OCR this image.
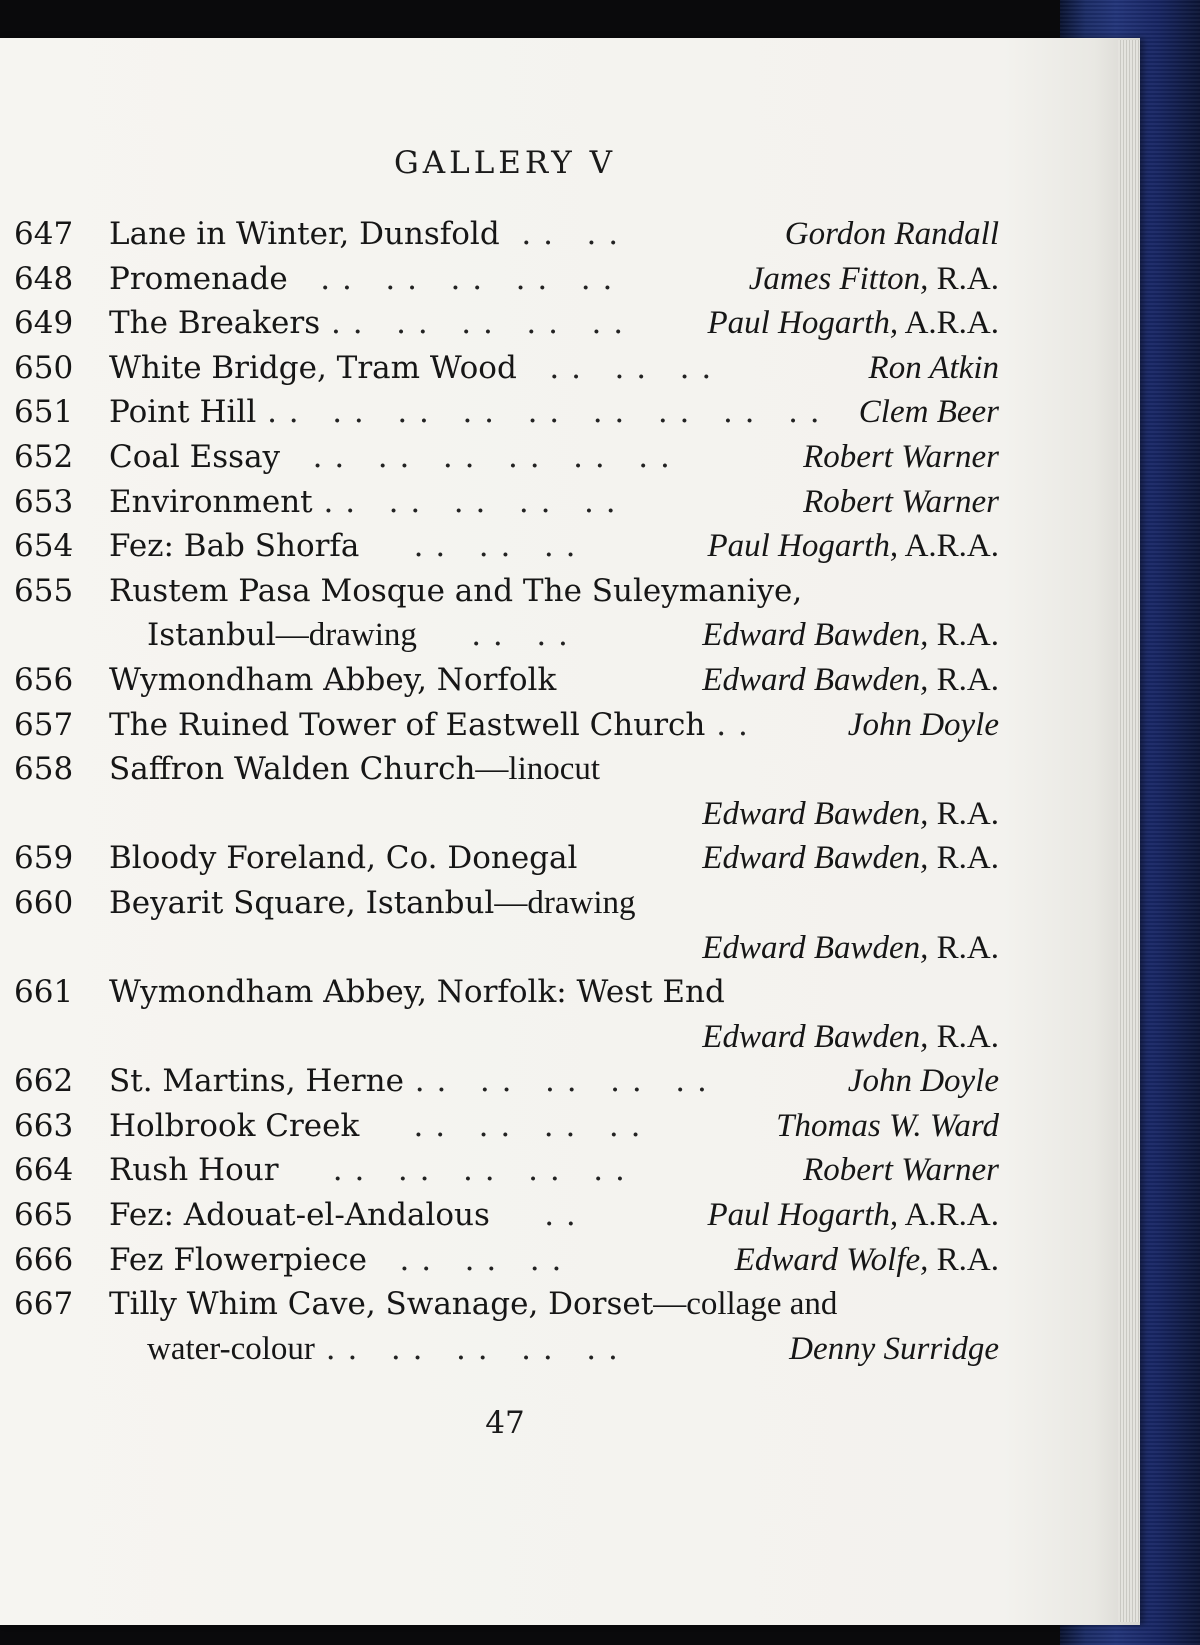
GALLERY V
647 Lane in Winter, Dunsfold  . .   . .	Gordon Randall
648 Promenade   . .   . .   . .   . .   . .	James Fitton, R.A.
649 The Breakers . .   . .   . .   . .   . .	Paul Hogarth, A.R.A.
650 White Bridge, Tram Wood   . .   . .   . .	Ron Atkin
651 Point Hill . .   . .   . .   . .   . .   . .   . .   . .   . . Clem Beer
652 Coal Essay   . .   . .   . .   . .   . .   . .	Robert Warner
653 Environment . .   . .   . .   . .   . .	Robert Warner
654 Fez: Bab Shorfa     . .   . .   . .	Paul Hogarth, A.R.A.
655 Rustem Pasa Mosque and The Suleymaniye,
Istanbul—drawing     . .   . .	Edward Bawden, R.A.
656 Wymondham Abbey, Norfolk	Edward Bawden, R.A.
657 The Ruined Tower of Eastwell Church . .	John Doyle
658 Saffron Walden Church—linocut
Edward Bawden, R.A.
659 Bloody Foreland, Co. Donegal	Edward Bawden, R.A.
660 Beyarit Square, Istanbul—drawing
Edward Bawden, R.A.
661 Wymondham Abbey, Norfolk: West End
Edward Bawden, R.A.
662 St. Martins, Herne . .   . .   . .   . .   . .	John Doyle
663 Holbrook Creek     . .   . .   . .   . .	Thomas W. Ward
664 Rush Hour     . .   . .   . .   . .   . .	Robert Warner
665 Fez: Adouat-el-Andalous     . .	Paul Hogarth, A.R.A.
666 Fez Flowerpiece   . .   . .   . .	Edward Wolfe, R.A.
667 Tilly Whim Cave, Swanage, Dorset—collage and
water-colour . .   . .   . .   . .   . .	Denny Surridge
47
